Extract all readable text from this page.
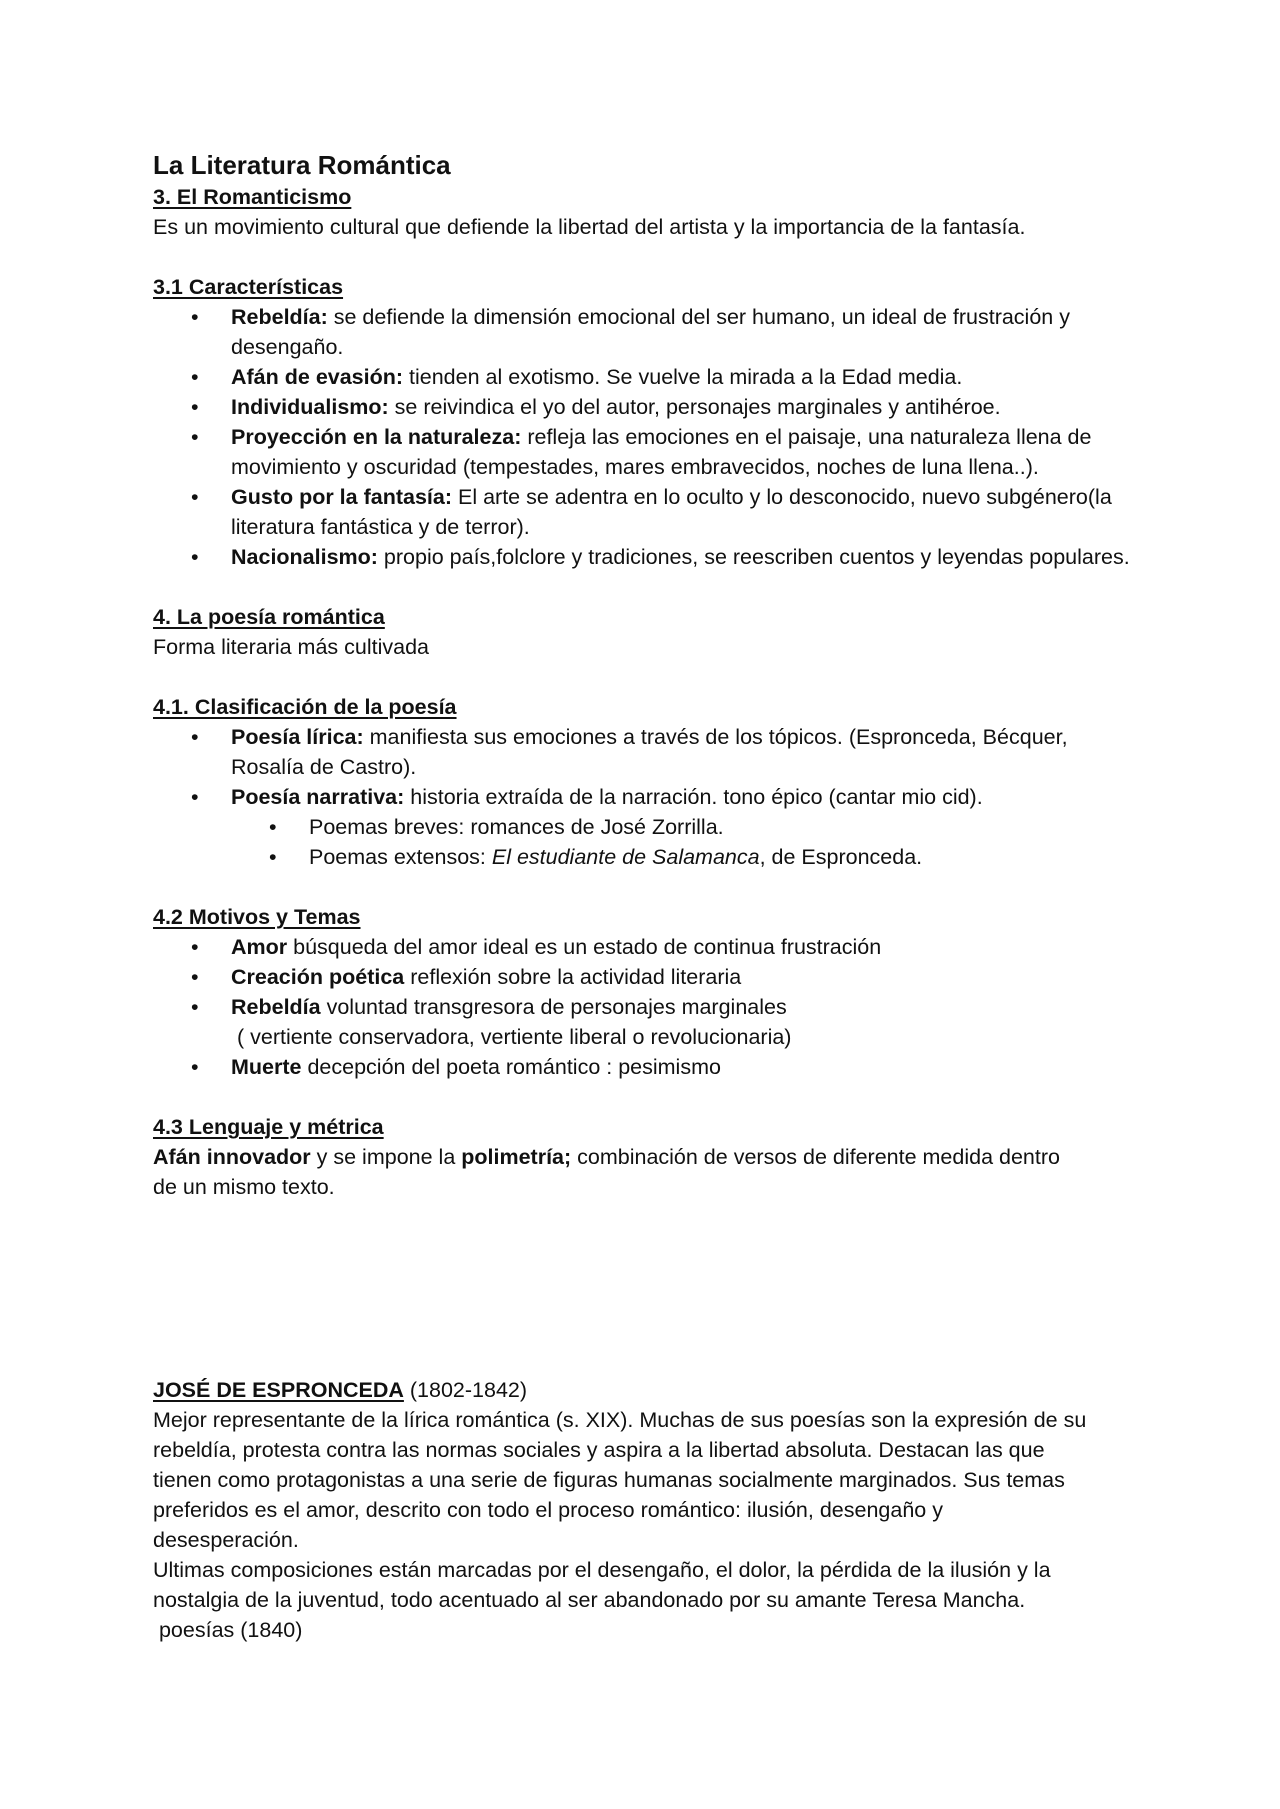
La Literatura Romántica

3. El Romanticismo

Es un movimiento cultural que defiende la libertad del artista y la importancia de la fantasía.

3.1 Características

• Rebeldía: se defiende la dimensión emocional del ser humano, un ideal de frustración y
desengaño.
• Afán de evasión: tienden al exotismo. Se vuelve la mirada a la Edad media.
• Individualismo: se reivindica el yo del autor, personajes marginales y antihéroe.
• Proyección en la naturaleza: refleja las emociones en el paisaje, una naturaleza llena de
movimiento y oscuridad (tempestades, mares embravecidos, noches de luna llena..).
• Gusto por la fantasía: El arte se adentra en lo oculto y lo desconocido, nuevo subgénero(la
literatura fantástica y de terror).
• Nacionalismo: propio país,folclore y tradiciones, se reescriben cuentos y leyendas populares.

4. La poesía romántica

Forma literaria más cultivada

4.1. Clasificación de la poesía

• Poesía lírica: manifiesta sus emociones a través de los tópicos. (Espronceda, Bécquer,
Rosalía de Castro).
• Poesía narrativa: historia extraída de la narración. tono épico (cantar mio cid).
• Poemas breves: romances de José Zorrilla.
• Poemas extensos: El estudiante de Salamanca, de Espronceda.

4.2 Motivos y Temas

• Amor búsqueda del amor ideal es un estado de continua frustración
• Creación poética reflexión sobre la actividad literaria
• Rebeldía voluntad transgresora de personajes marginales
( vertiente conservadora, vertiente liberal o revolucionaria)
• Muerte decepción del poeta romántico : pesimismo

4.3 Lenguaje y métrica

Afán innovador y se impone la polimetría; combinación de versos de diferente medida dentro
de un mismo texto.

JOSÉ DE ESPRONCEDA (1802-1842)

Mejor representante de la lírica romántica (s. XIX). Muchas de sus poesías son la expresión de su

rebeldía, protesta contra las normas sociales y aspira a la libertad absoluta. Destacan las que

tienen como protagonistas a una serie de figuras humanas socialmente marginados. Sus temas

preferidos es el amor, descrito con todo el proceso romántico: ilusión, desengaño y

desesperación.

Ultimas composiciones están marcadas por el desengaño, el dolor, la pérdida de la ilusión y la

nostalgia de la juventud, todo acentuado al ser abandonado por su amante Teresa Mancha.

poesías (1840)
